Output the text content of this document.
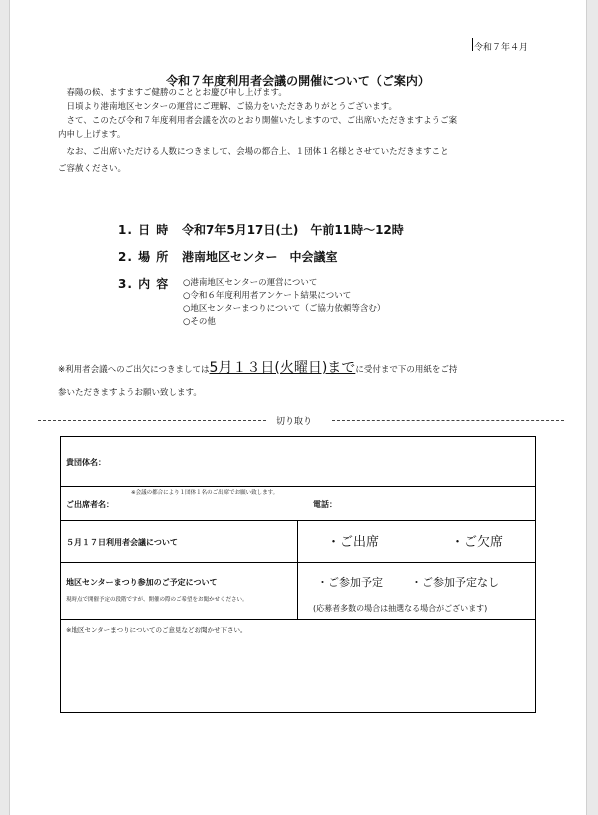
令和７年４月
令和７年度利用者会議の開催について（ご案内）
　春陽の候、ますますご健勝のこととお慶び申し上げます。
　日頃より港南地区センターの運営にご理解、ご協力をいただきありがとうございます。
　さて、このたび令和７年度利用者会議を次のとおり開催いたしますので、ご出席いただきますようご案
内申し上げます。
　なお、ご出席いただける人数につきまして、会場の都合上、１団体１名様とさせていただきますこと
ご容赦ください。
1. 日 時 令和7年5月17日(土)　午前11時～12時
2. 場 所 港南地区センター　中会議室
3. 内 容 ○港南地区センターの運営について
○令和６年度利用者アンケート結果について
○地区センターまつりについて（ご協力依頼等含む）
○その他
※利用者会議へのご出欠につきましては5月１３日(火曜日)までに受付まで下の用紙をご持
参いただきますようお願い致します。
切り取り
貴団体名：
※会議の都合により１団体１名のご出席でお願い致します。
ご出席者名：	電話：
５月１７日利用者会議について	・ご出席	・ご欠席
地区センターまつり参加のご予定について
現時点で開催予定の段階ですが、開催の際のご希望をお聞かせください。
・ご参加予定	・ご参加予定なし
(応募者多数の場合は抽選なる場合がございます)
※地区センターまつりについてのご意見などお聞かせ下さい。
